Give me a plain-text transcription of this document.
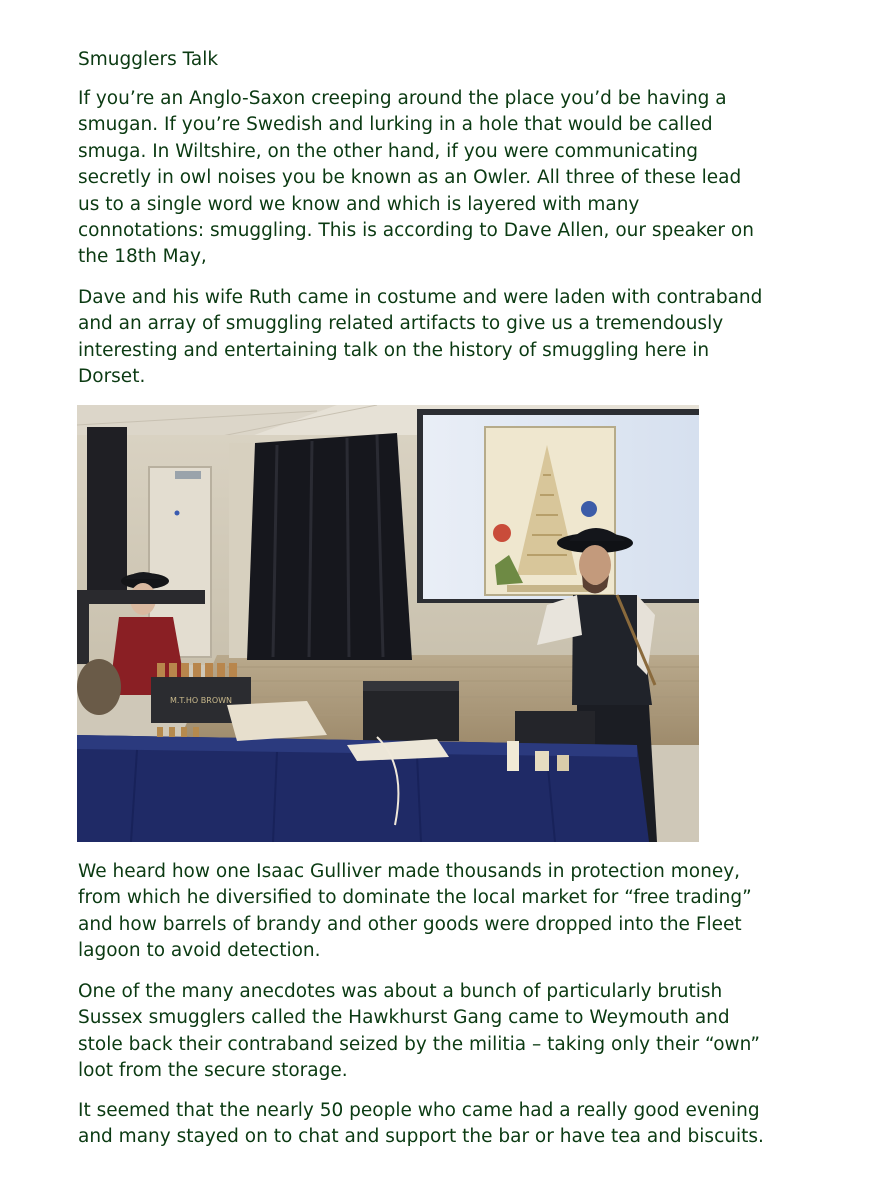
Smugglers Talk

If you’re an Anglo-Saxon creeping around the place you’d be having a
smugan. If you’re Swedish and lurking in a hole that would be called
smuga. In Wiltshire, on the other hand, if you were communicating
secretly in owl noises you be known as an Owler. All three of these lead
us to a single word we know and which is layered with many
connotations: smuggling. This is according to Dave Allen, our speaker on
the 18th May,

Dave and his wife Ruth came in costume and were laden with contraband
and an array of smuggling related artifacts to give us a tremendously
interesting and entertaining talk on the history of smuggling here in
Dorset.

M.T.HO BROWN

We heard how one Isaac Gulliver made thousands in protection money,
from which he diversified to dominate the local market for “free trading”
and how barrels of brandy and other goods were dropped into the Fleet
lagoon to avoid detection.

One of the many anecdotes was about a bunch of particularly brutish
Sussex smugglers called the Hawkhurst Gang came to Weymouth and
stole back their contraband seized by the militia – taking only their “own”
loot from the secure storage.

It seemed that the nearly 50 people who came had a really good evening
and many stayed on to chat and support the bar or have tea and biscuits.
